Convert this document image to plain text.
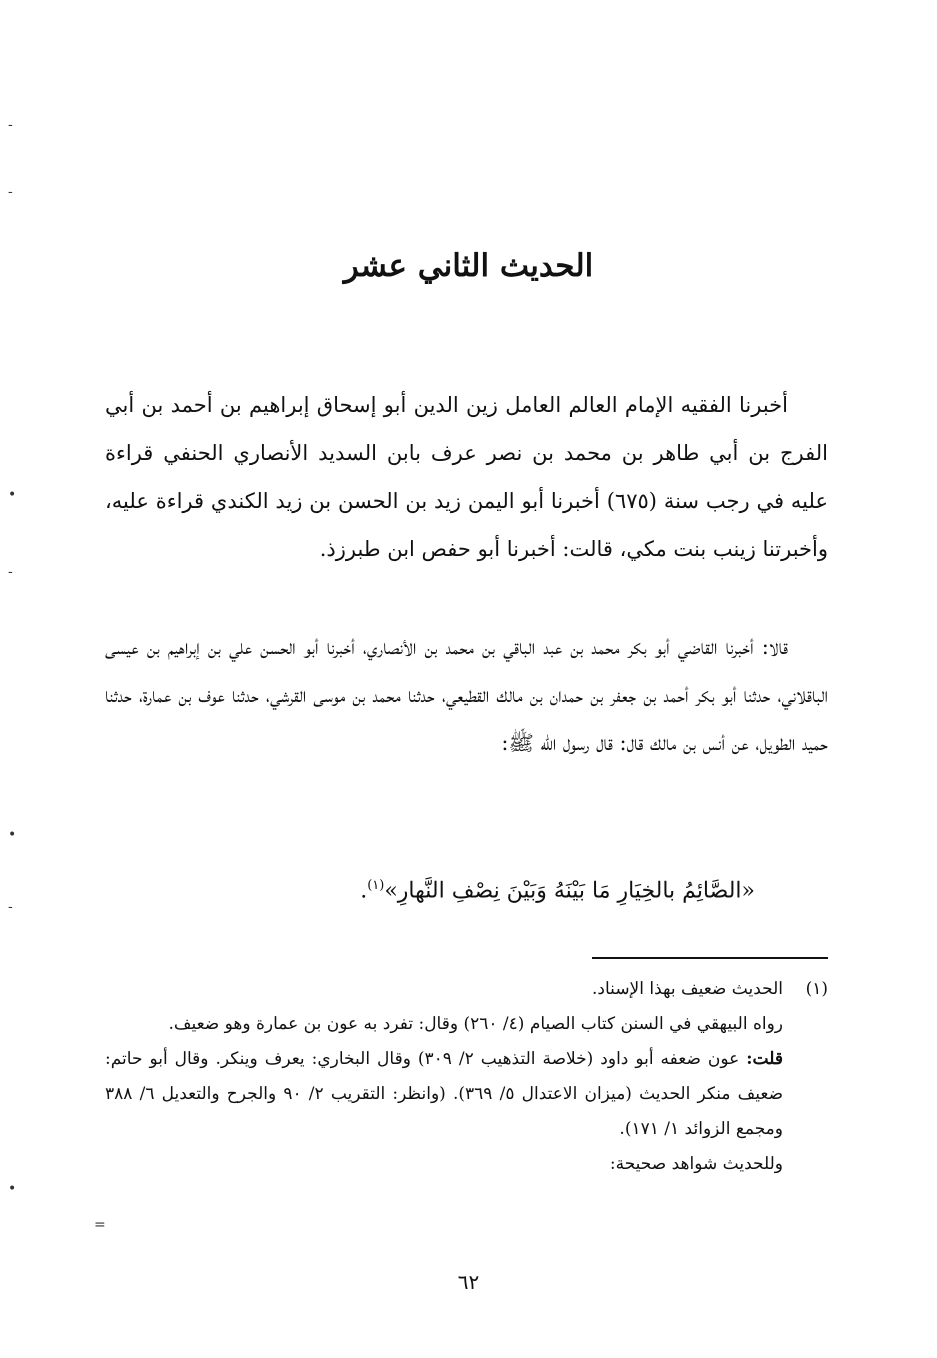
-
-
•
-
•
-
•
=
الحديث الثاني عشر

أخبرنا الفقيه الإمام العالم العامل زين الدين أبو إسحاق إبراهيم بن أحمد بن أبي الفرج بن أبي طاهر بن محمد بن نصر عرف بابن السديد الأنصاري الحنفي قراءة عليه في رجب سنة (٦٧٥) أخبرنا أبو اليمن زيد بن الحسن بن زيد الكندي قراءة عليه، وأخبرتنا زينب بنت مكي، قالت: أخبرنا أبو حفص ابن طبرزذ.

قالا: أخبرنا القاضي أبو بكر محمد بن عبد الباقي بن محمد بن الأنصاري، أخبرنا أبو الحسن علي بن إبراهيم بن عيسى الباقلاني، حدثنا أبو بكر أحمد بن جعفر بن حمدان بن مالك القطيعي، حدثنا محمد بن موسى القرشي، حدثنا عوف بن عمارة، حدثنا حميد الطويل، عن أنس بن مالك قال: قال رسول الله ﷺ:

«الصَّائِمُ بالخِيَارِ مَا بَيْنَهُ وَبَيْنَ نِصْفِ النَّهارِ»$^{(١)}$.
(١)
الحديث ضعيف بهذا الإسناد.
رواه البيهقي في السنن كتاب الصيام (٤/ ٢٦٠) وقال: تفرد به عون بن عمارة وهو ضعيف.
قلت: عون ضعفه أبو داود (خلاصة التذهيب ٢/ ٣٠٩) وقال البخاري: يعرف وينكر. وقال أبو حاتم: ضعيف منكر الحديث (ميزان الاعتدال ٥/ ٣٦٩). (وانظر: التقريب ٢/ ٩٠ والجرح والتعديل ٦/ ٣٨٨ ومجمع الزوائد ١/ ١٧١).
وللحديث شواهد صحيحة:
٦٢
